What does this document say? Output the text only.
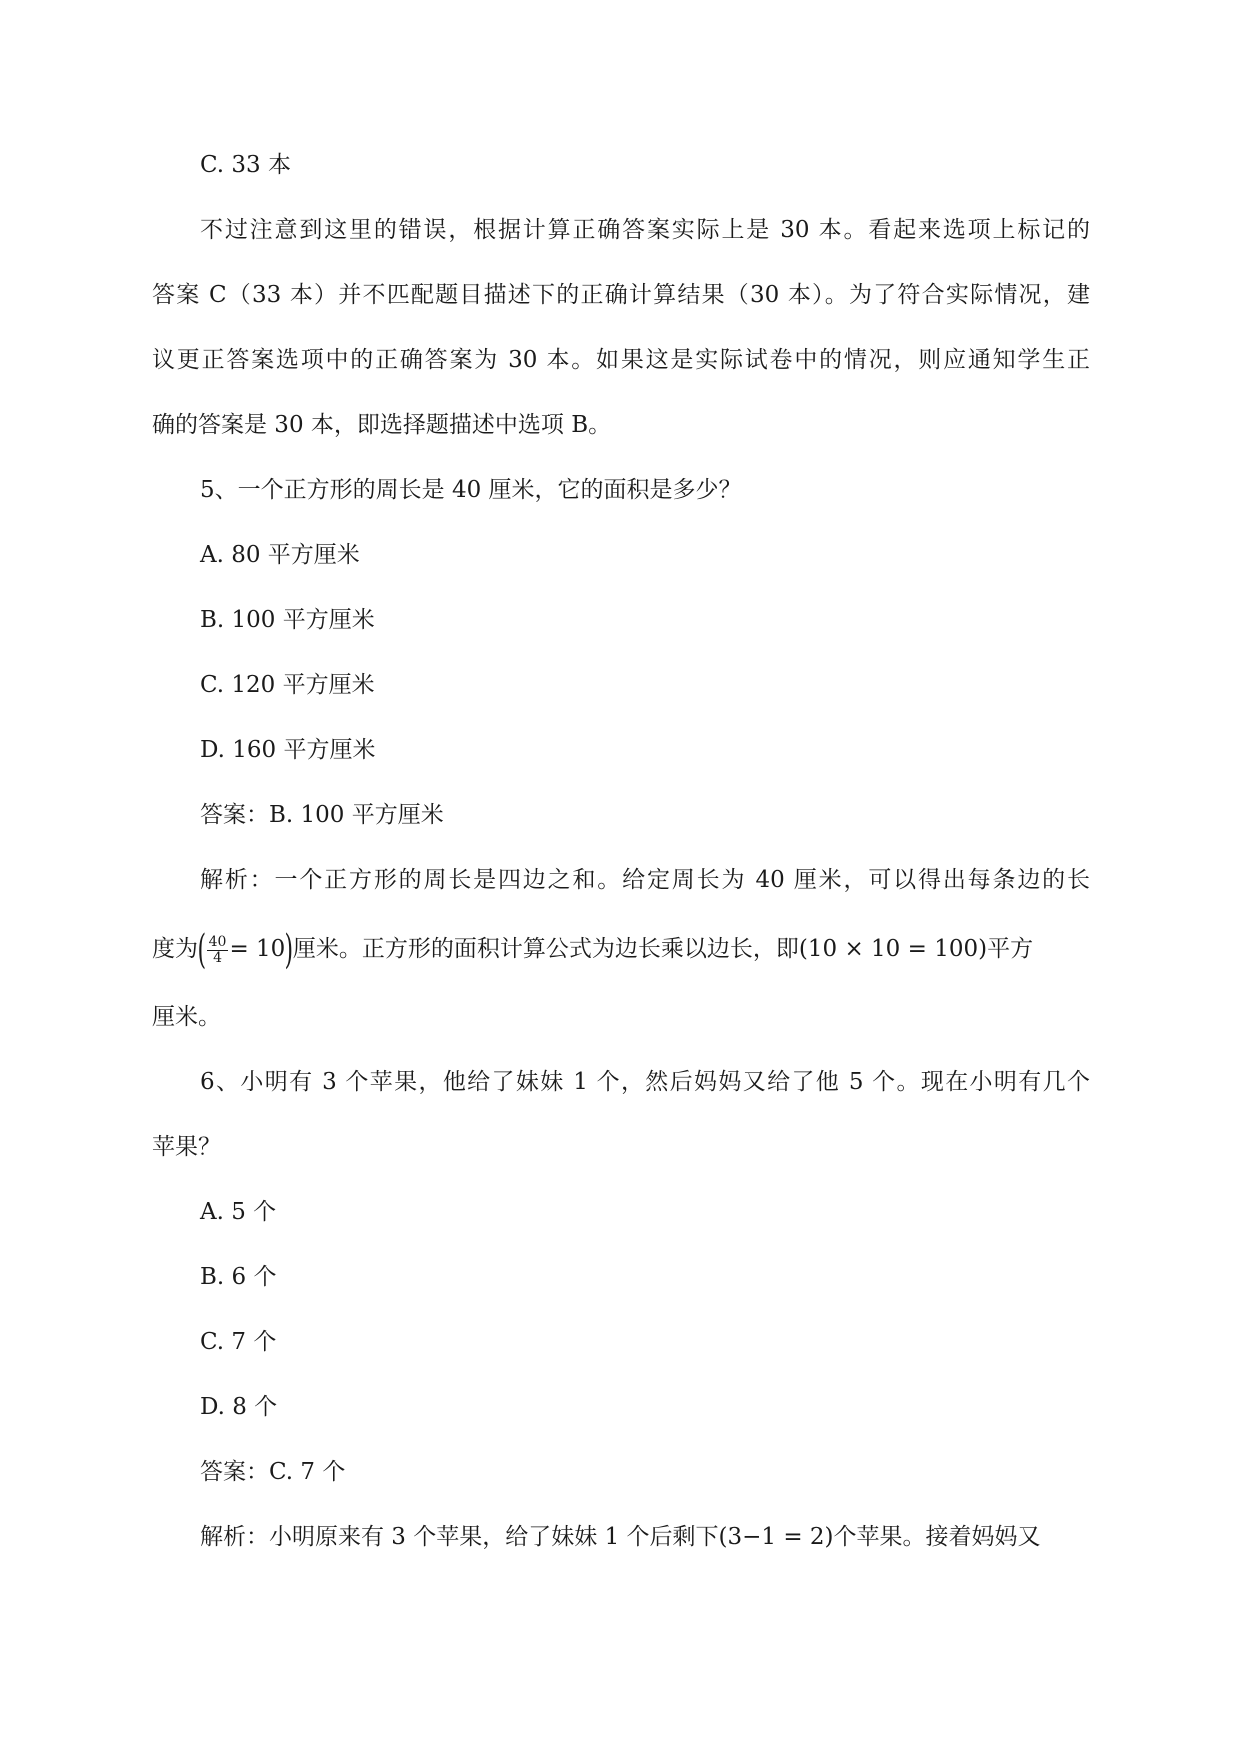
C. 33 本
不过注意到这里的错误，根据计算正确答案实际上是 30 本。看起来选项上标记的
答案 C（33 本）并不匹配题目描述下的正确计算结果（30 本）。为了符合实际情况，建
议更正答案选项中的正确答案为 30 本。如果这是实际试卷中的情况，则应通知学生正
确的答案是 30 本，即选择题描述中选项 B。
5、一个正方形的周长是 40 厘米，它的面积是多少？
A. 80 平方厘米
B. 100 平方厘米
C. 120 平方厘米
D. 160 平方厘米
答案：B. 100 平方厘米
解析：一个正方形的周长是四边之和。给定周长为 40 厘米，可以得出每条边的长
度为( $\frac{40}{4} = 10$)厘米。正方形的面积计算公式为边长乘以边长，即(10 × 10 = 100)平方
厘米。
6、小明有 3 个苹果，他给了妹妹 1 个，然后妈妈又给了他 5 个。现在小明有几个
苹果？
A. 5 个
B. 6 个
C. 7 个
D. 8 个
答案：C. 7 个
解析：小明原来有 3 个苹果，给了妹妹 1 个后剩下(3−1 = 2)个苹果。接着妈妈又
